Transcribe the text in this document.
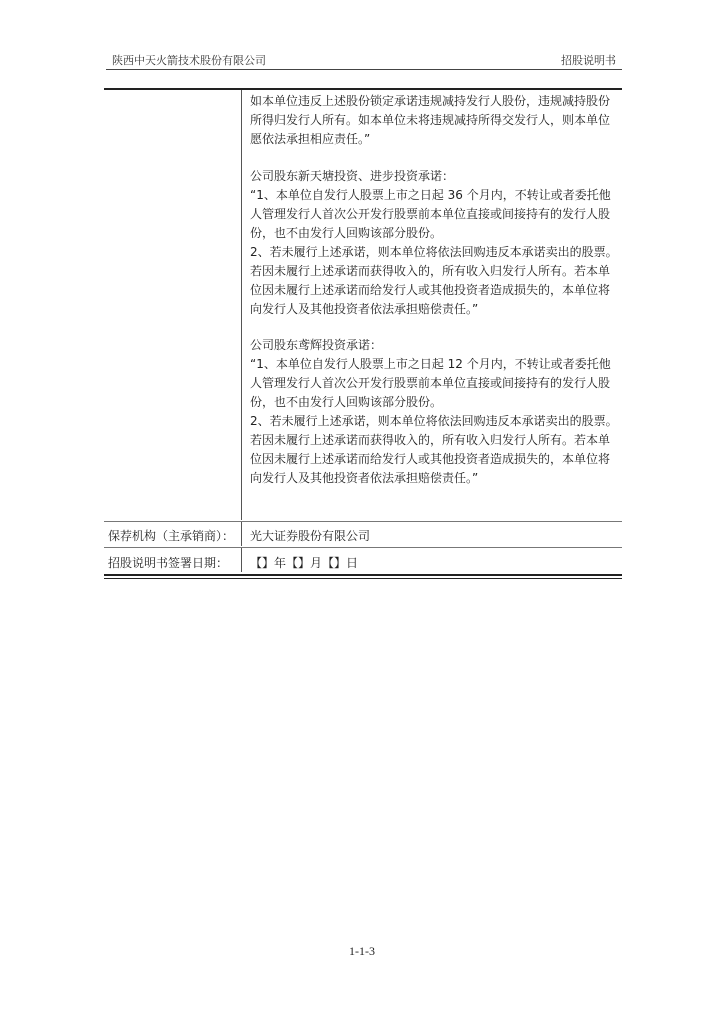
陕西中天火箭技术股份有限公司	招股说明书

如本单位违反上述股份锁定承诺违规减持发行人股份，违规减持股份所得归发行人所有。如本单位未将违规减持所得交发行人，则本单位愿依法承担相应责任。”

公司股东新天塘投资、进步投资承诺：

“1、本单位自发行人股票上市之日起 36 个月内，不转让或者委托他人管理发行人首次公开发行股票前本单位直接或间接持有的发行人股份，也不由发行人回购该部分股份。

2、若未履行上述承诺，则本单位将依法回购违反本承诺卖出的股票。若因未履行上述承诺而获得收入的，所有收入归发行人所有。若本单位因未履行上述承诺而给发行人或其他投资者造成损失的，本单位将向发行人及其他投资者依法承担赔偿责任。”

公司股东鸢辉投资承诺：

“1、本单位自发行人股票上市之日起 12 个月内，不转让或者委托他人管理发行人首次公开发行股票前本单位直接或间接持有的发行人股份，也不由发行人回购该部分股份。

2、若未履行上述承诺，则本单位将依法回购违反本承诺卖出的股票。若因未履行上述承诺而获得收入的，所有收入归发行人所有。若本单位因未履行上述承诺而给发行人或其他投资者造成损失的，本单位将向发行人及其他投资者依法承担赔偿责任。”

保荐机构（主承销商）：	光大证券股份有限公司
招股说明书签署日期：	【】年【】月【】日
1-1-3
